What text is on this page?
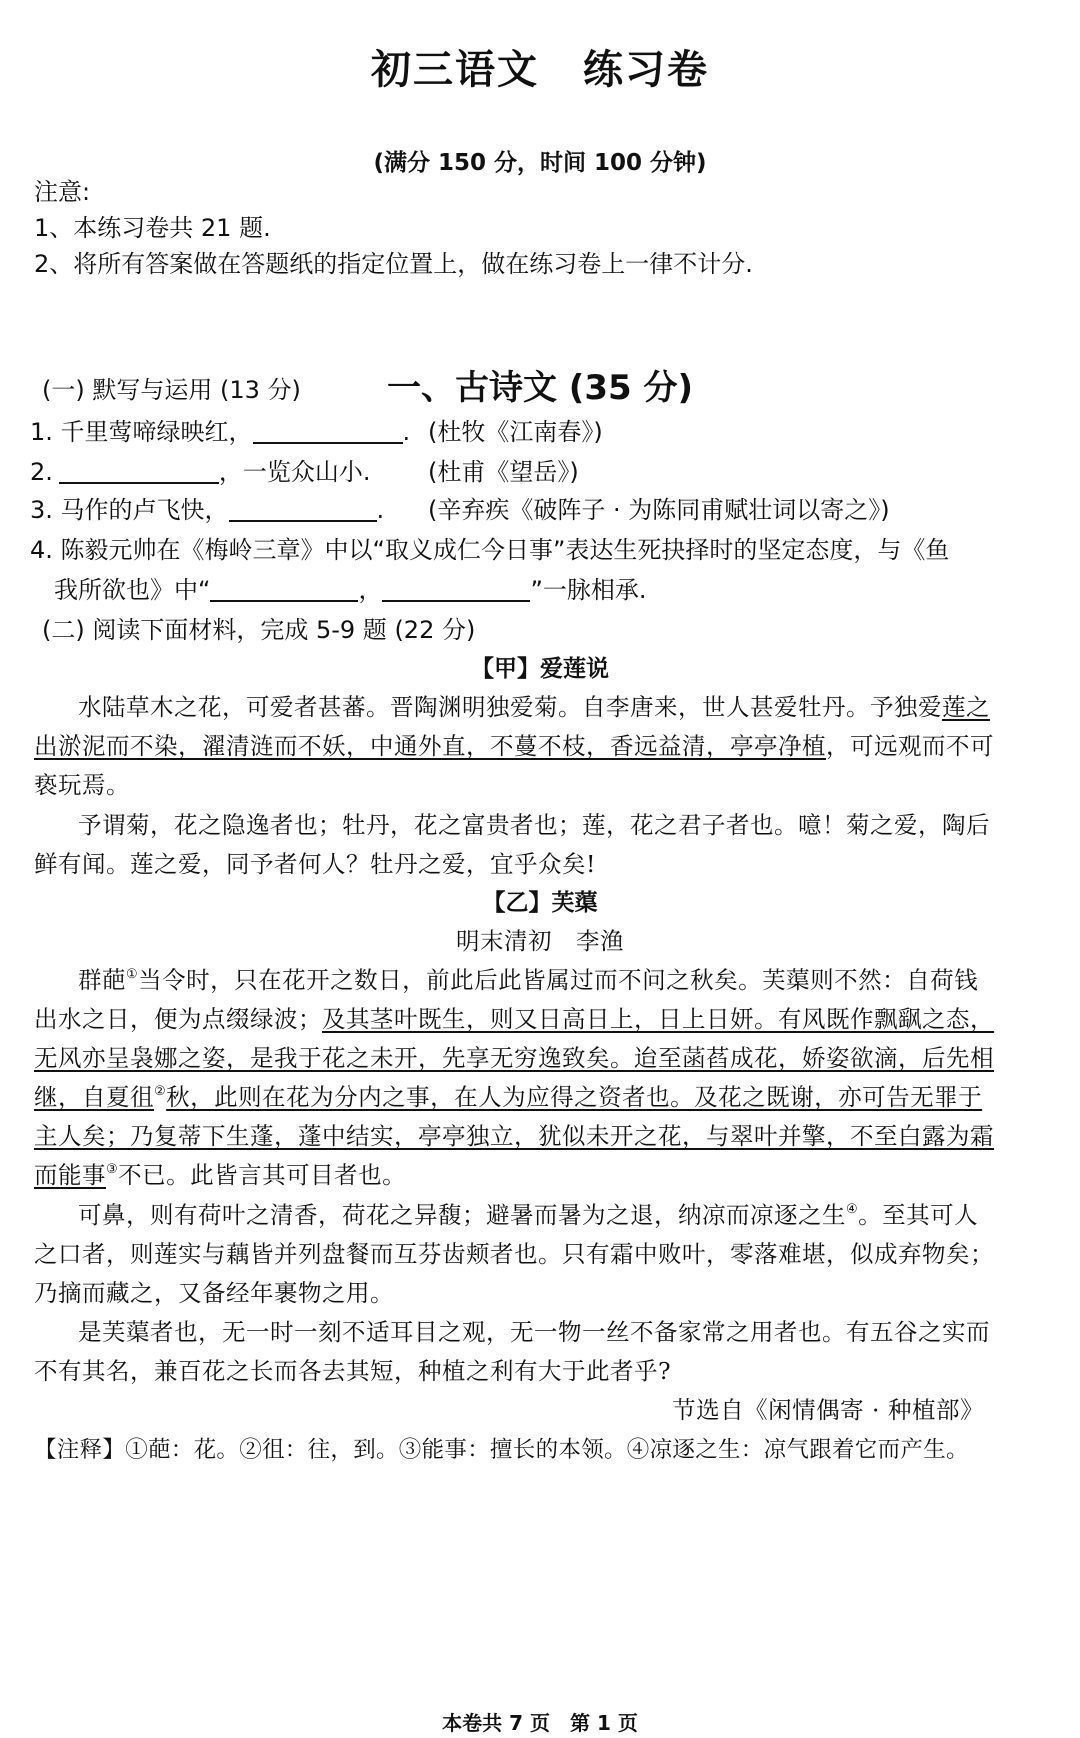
初三语文 练习卷
(满分 150 分，时间 100 分钟)
注意:
1、本练习卷共 21 题.
2、将所有答案做在答题纸的指定位置上，做在练习卷上一律不计分.
一、古诗文 (35 分)
(一) 默写与运用 (13 分)
1. 千里莺啼绿映红，	. (杜牧《江南春》)
2.	，一览众山小. (杜甫《望岳》)
3. 马作的卢飞快，	. (辛弃疾《破阵子 · 为陈同甫赋壮词以寄之》)
4. 陈毅元帅在《梅岭三章》中以“取义成仁今日事”表达生死抉择时的坚定态度，与《鱼
我所欲也》中“	，	”一脉相承.
(二) 阅读下面材料，完成 5-9 题 (22 分)
【甲】爱莲说
水陆草木之花，可爱者甚蕃。晋陶渊明独爱菊。自李唐来，世人甚爱牡丹。予独爱莲之
出淤泥而不染，濯清涟而不妖，中通外直，不蔓不枝，香远益清，亭亭净植，可远观而不可
亵玩焉。
予谓菊，花之隐逸者也；牡丹，花之富贵者也；莲，花之君子者也。噫！菊之爱，陶后
鲜有闻。莲之爱，同予者何人？牡丹之爱，宜乎众矣!
【乙】芙蕖
明末清初　李渔
群葩①当令时，只在花开之数日，前此后此皆属过而不问之秋矣。芙蕖则不然：自荷钱
出水之日，便为点缀绿波；及其茎叶既生，则又日高日上，日上日妍。有风既作飘飖之态，
无风亦呈袅娜之姿，是我于花之未开，先享无穷逸致矣。迨至菡萏成花，娇姿欲滴，后先相
继，自夏徂②秋，此则在花为分内之事，在人为应得之资者也。及花之既谢，亦可告无罪于
主人矣；乃复蒂下生蓬，蓬中结实，亭亭独立，犹似未开之花，与翠叶并擎，不至白露为霜
而能事③不已。此皆言其可目者也。
可鼻，则有荷叶之清香，荷花之异馥；避暑而暑为之退，纳凉而凉逐之生④。至其可人
之口者，则莲实与藕皆并列盘餐而互芬齿颊者也。只有霜中败叶，零落难堪，似成弃物矣；
乃摘而藏之，又备经年裹物之用。
是芙蕖者也，无一时一刻不适耳目之观，无一物一丝不备家常之用者也。有五谷之实而
不有其名，兼百花之长而各去其短，种植之利有大于此者乎?
节选自《闲情偶寄 · 种植部》
【注释】①葩：花。②徂：往，到。③能事：擅长的本领。④凉逐之生：凉气跟着它而产生。
本卷共 7 页　第 1 页
